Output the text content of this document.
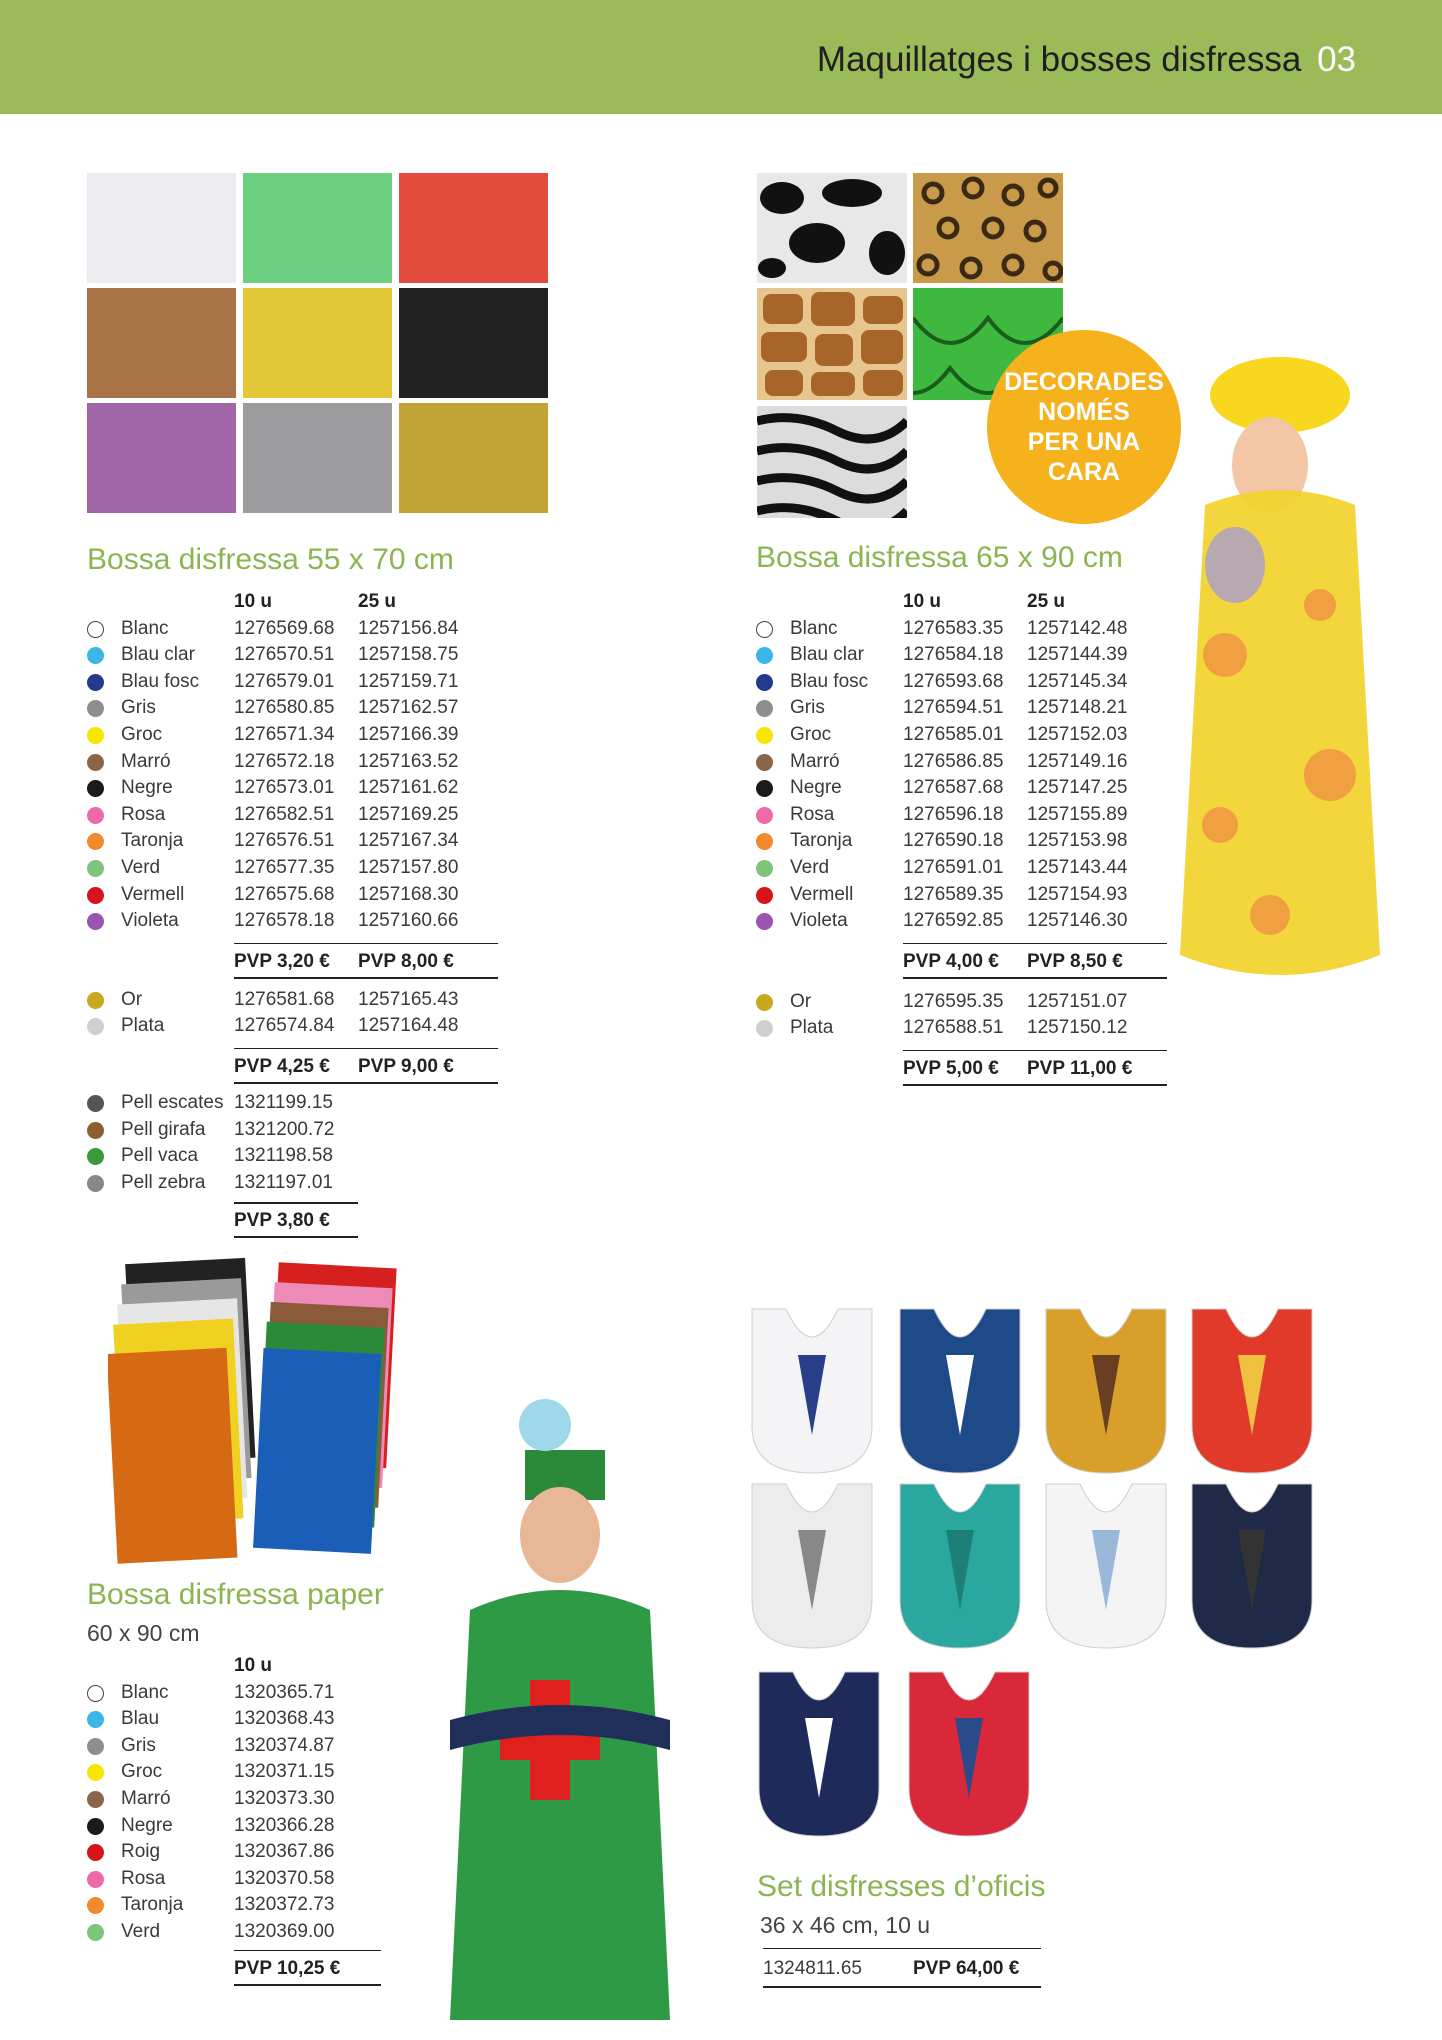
Maquillatges i bosses disfressa 03
Bossa disfressa 55 x 70 cm
10 u	25 u
Blanc	1276569.68	1257156.84
Blau clar	1276570.51	1257158.75
Blau fosc	1276579.01	1257159.71
Gris	1276580.85	1257162.57
Groc	1276571.34	1257166.39
Marró	1276572.18	1257163.52
Negre	1276573.01	1257161.62
Rosa	1276582.51	1257169.25
Taronja	1276576.51	1257167.34
Verd	1276577.35	1257157.80
Vermell	1276575.68	1257168.30
Violeta	1276578.18	1257160.66
PVP 3,20 € PVP 8,00 €
Or	1276581.68	1257165.43
Plata	1276574.84	1257164.48
PVP 4,25 € PVP 9,00 €
Pell escates 1321199.15
Pell girafa	1321200.72
Pell vaca	1321198.58
Pell zebra	1321197.01
PVP 3,80 €
DECORADES
NOMÉS
PER UNA
CARA
Bossa disfressa 65 x 90 cm
10 u	25 u
Blanc	1276583.35	1257142.48
Blau clar	1276584.18	1257144.39
Blau fosc	1276593.68	1257145.34
Gris	1276594.51	1257148.21
Groc	1276585.01	1257152.03
Marró	1276586.85	1257149.16
Negre	1276587.68	1257147.25
Rosa	1276596.18	1257155.89
Taronja	1276590.18	1257153.98
Verd	1276591.01	1257143.44
Vermell	1276589.35	1257154.93
Violeta	1276592.85	1257146.30
PVP 4,00 € PVP 8,50 €
Or	1276595.35	1257151.07
Plata	1276588.51	1257150.12
PVP 5,00 € PVP 11,00 €
Bossa disfressa paper
60 x 90 cm
10 u
Blanc	1320365.71
Blau	1320368.43
Gris	1320374.87
Groc	1320371.15
Marró	1320373.30
Negre	1320366.28
Roig	1320367.86
Rosa	1320370.58
Taronja	1320372.73
Verd	1320369.00
PVP 10,25 €
Set disfresses d’oficis
36 x 46 cm, 10 u
1324811.65	PVP 64,00 €
